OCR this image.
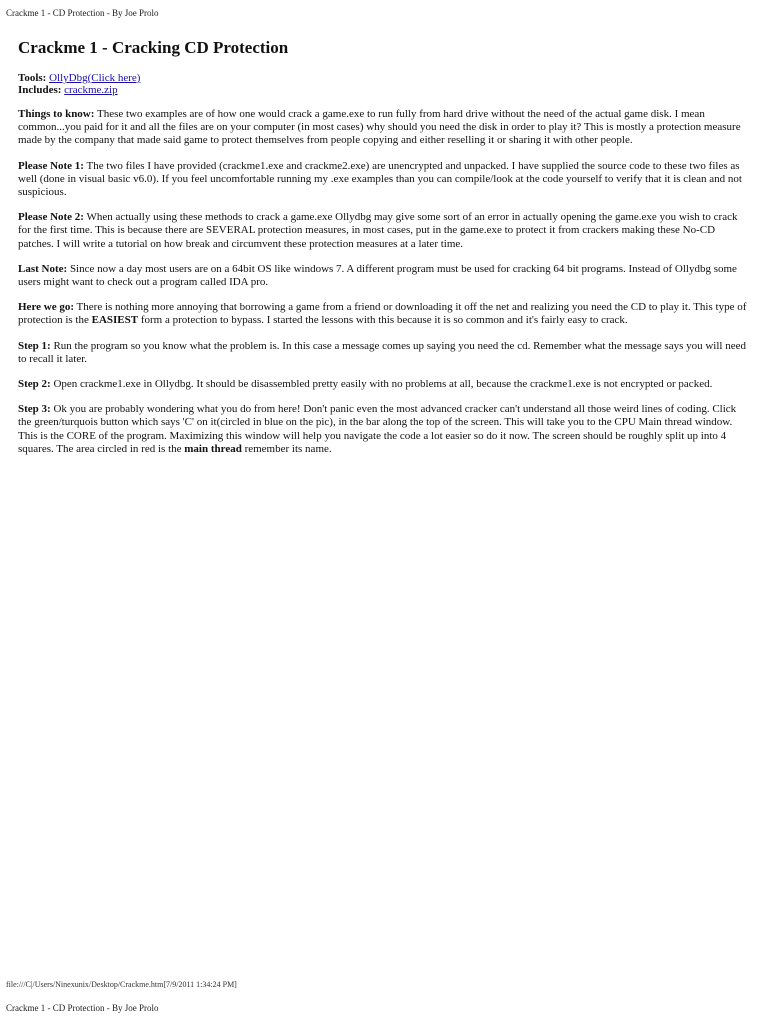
Crackme 1 - CD Protection - By Joe Prolo
Crackme 1 - Cracking CD Protection
Tools: OllyDbg(Click here)
Includes: crackme.zip

Things to know: These two examples are of how one would crack a game.exe to run fully from hard drive without the need of the actual game disk. I mean common...you paid for it and all the files are on your computer (in most cases) why should you need the disk in order to play it? This is mostly a protection measure made by the company that made said game to protect themselves from people copying and either reselling it or sharing it with other people.

Please Note 1: The two files I have provided (crackme1.exe and crackme2.exe) are unencrypted and unpacked. I have supplied the source code to these two files as well (done in visual basic v6.0). If you feel uncomfortable running my .exe examples than you can compile/look at the code yourself to verify that it is clean and not suspicious.

Please Note 2: When actually using these methods to crack a game.exe Ollydbg may give some sort of an error in actually opening the game.exe you wish to crack for the first time. This is because there are SEVERAL protection measures, in most cases, put in the game.exe to protect it from crackers making these No-CD patches. I will write a tutorial on how break and circumvent these protection measures at a later time.

Last Note: Since now a day most users are on a 64bit OS like windows 7. A different program must be used for cracking 64 bit programs. Instead of Ollydbg some users might want to check out a program called IDA pro.

Here we go: There is nothing more annoying that borrowing a game from a friend or downloading it off the net and realizing you need the CD to play it. This type of protection is the EASIEST form a protection to bypass. I started the lessons with this because it is so common and it's fairly easy to crack.

Step 1: Run the program so you know what the problem is. In this case a message comes up saying you need the cd. Remember what the message says you will need to recall it later.

Step 2: Open crackme1.exe in Ollydbg. It should be disassembled pretty easily with no problems at all, because the crackme1.exe is not encrypted or packed.

Step 3: Ok you are probably wondering what you do from here! Don't panic even the most advanced cracker can't understand all those weird lines of coding. Click the green/turquois button which says 'C' on it(circled in blue on the pic), in the bar along the top of the screen. This will take you to the CPU Main thread window. This is the CORE of the program. Maximizing this window will help you navigate the code a lot easier so do it now. The screen should be roughly split up into 4 squares. The area circled in red is the main thread remember its name.

file:///C|/Users/Ninexunix/Desktop/Crackme.htm[7/9/2011 1:34:24 PM]
Crackme 1 - CD Protection - By Joe Prolo
